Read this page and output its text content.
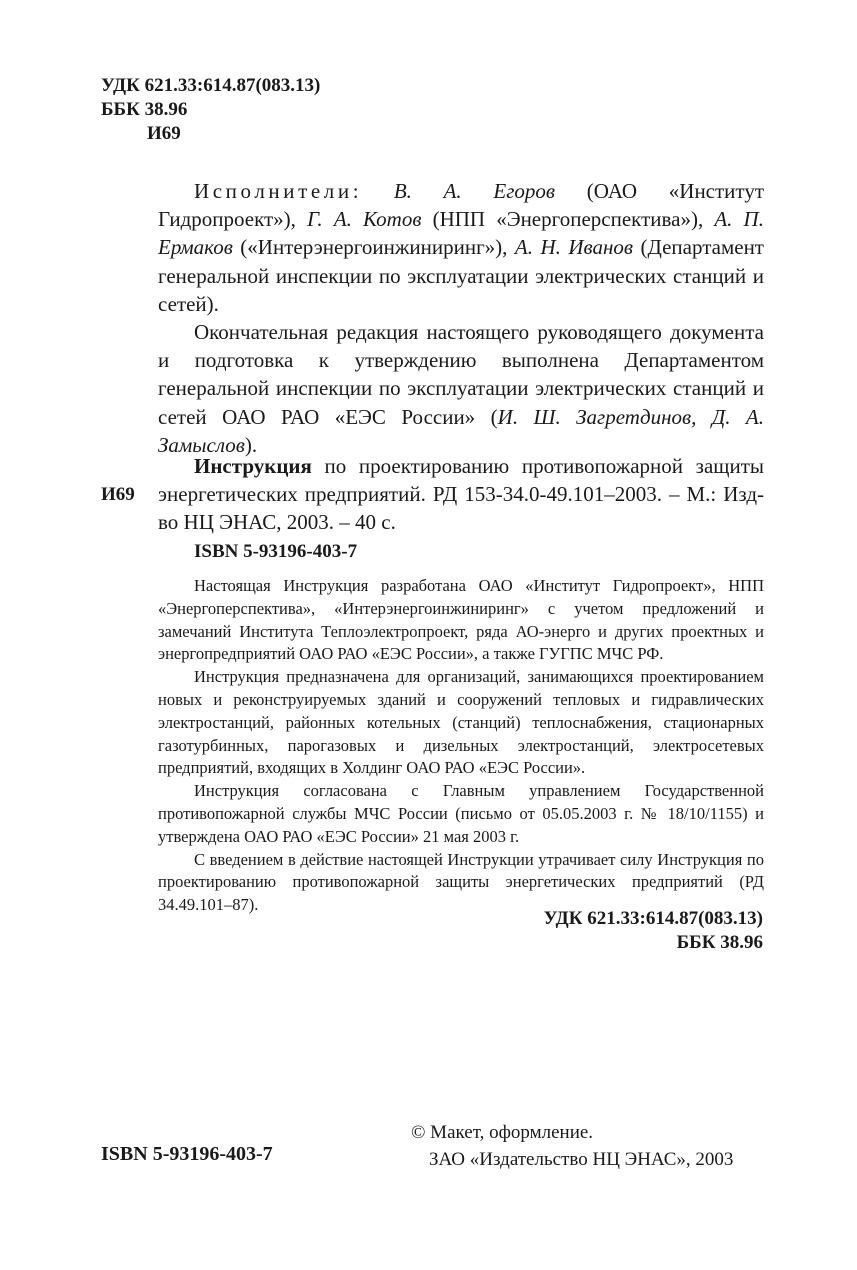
УДК 621.33:614.87(083.13)
ББК 38.96
И69

Исполнители: В. А. Егоров (ОАО «Институт Гидропроект»), Г. А. Котов (НПП «Энергоперспектива»), А. П. Ермаков («Интерэнергоинжиниринг»), А. Н. Иванов (Департамент генеральной инспекции по эксплуатации электрических станций и сетей).

Окончательная редакция настоящего руководящего документа и подготовка к утверждению выполнена Департаментом генеральной инспекции по эксплуатации электрических станций и сетей ОАО РАО «ЕЭС России» (И. Ш. Загретдинов, Д. А. Замыслов).

Инструкция по проектированию противопожарной защиты энергетических предприятий. РД 153-34.0-49.101–2003. – М.: Изд-во НЦ ЭНАС, 2003. – 40 с.

И69
ISBN 5-93196-403-7

Настоящая Инструкция разработана ОАО «Институт Гидропроект», НПП «Энергоперспектива», «Интерэнергоинжиниринг» с учетом предложений и замечаний Института Теплоэлектропроект, ряда АО-энерго и других проектных и энергопредприятий ОАО РАО «ЕЭС России», а также ГУГПС МЧС РФ.

Инструкция предназначена для организаций, занимающихся проектированием новых и реконструируемых зданий и сооружений тепловых и гидравлических электростанций, районных котельных (станций) теплоснабжения, стационарных газотурбинных, парогазовых и дизельных электростанций, электросетевых предприятий, входящих в Холдинг ОАО РАО «ЕЭС России».

Инструкция согласована с Главным управлением Государственной противопожарной службы МЧС России (письмо от 05.05.2003 г. № 18/10/1155) и утверждена ОАО РАО «ЕЭС России» 21 мая 2003 г.

С введением в действие настоящей Инструкции утрачивает силу Инструкция по проектированию противопожарной защиты энергетических предприятий (РД 34.49.101–87).

УДК 621.33:614.87(083.13)
ББК 38.96
ISBN 5-93196-403-7
© Макет, оформление.
ЗАО «Издательство НЦ ЭНАС», 2003
